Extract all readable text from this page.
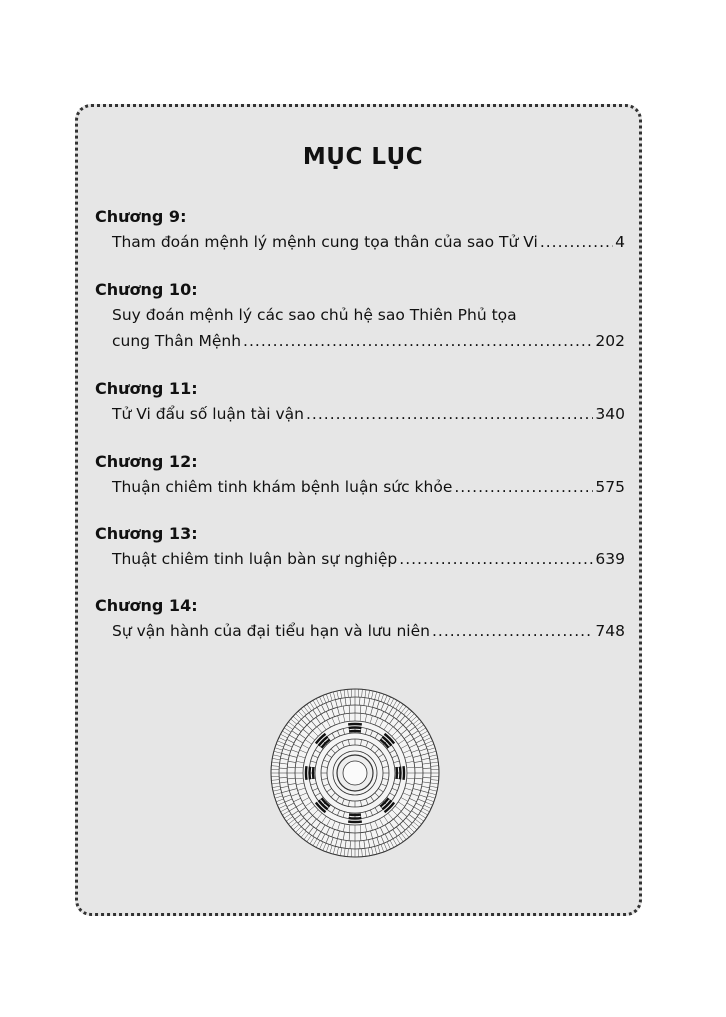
MỤC LỤC
Chương 9:
Tham đoán mệnh lý mệnh cung tọa thân của sao Tử Vi .....	4
Chương 10:
Suy đoán mệnh lý các sao chủ hệ sao Thiên Phủ tọa
cung Thân Mệnh .....	202
Chương 11:
Tử Vi đẩu số luận tài vận .....	340
Chương 12:
Thuận chiêm tinh khám bệnh luận sức khỏe .....	575
Chương 13:
Thuật chiêm tinh luận bàn sự nghiệp .....	639
Chương 14:
Sự vận hành của đại tiểu hạn và lưu niên .....	748
